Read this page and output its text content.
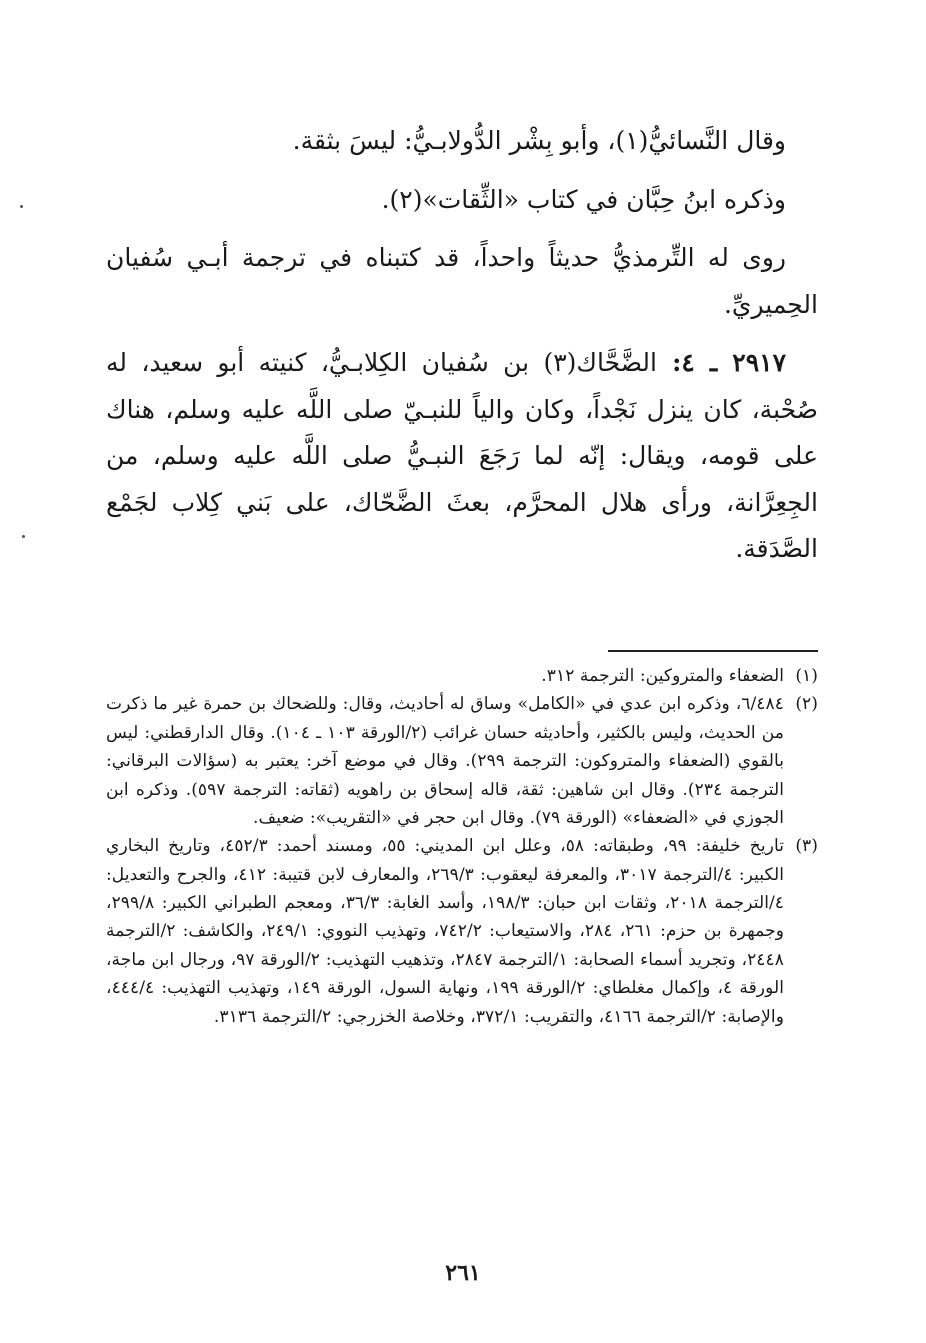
وقال النَّسائيُّ(١)، وأبو بِشْر الدُّولابـيُّ: ليسَ بثقة.

وذكره ابنُ حِبَّان في كتاب «الثِّقات»(٢).

روى له التِّرمذيُّ حديثاً واحداً، قد كتبناه في ترجمة أبـي سُفيان الحِميريِّ.

٢٩١٧ ـ ٤: الضَّحَّاك(٣) بن سُفيان الكِلابـيُّ، كنيته أبو سعيد، له صُحْبة، كان ينزل نَجْداً، وكان والياً للنبـيّ صلى اللَّه عليه وسلم، هناك على قومه، ويقال: إنّه لما رَجَعَ النبـيُّ صلى اللَّه عليه وسلم، من الجِعِرَّانة، ورأى هلال المحرَّم، بعثَ الضَّحّاك، على بَني كِلاب لجَمْع الصَّدَقة.

(١)
الضعفاء والمتروكين: الترجمة ٣١٢.
(٢)
٦/٤٨٤، وذكره ابن عدي في «الكامل» وساق له أحاديث، وقال: وللضحاك بن حمرة غير ما ذكرت من الحديث، وليس بالكثير، وأحاديثه حسان غرائب (٢/الورقة ١٠٣ ـ ١٠٤). وقال الدارقطني: ليس بالقوي (الضعفاء والمتروكون: الترجمة ٢٩٩). وقال في موضع آخر: يعتبر به (سؤالات البرقاني: الترجمة ٢٣٤). وقال ابن شاهين: ثقة، قاله إسحاق بن راهويه (ثقاته: الترجمة ٥٩٧). وذكره ابن الجوزي في «الضعفاء» (الورقة ٧٩). وقال ابن حجر في «التقريب»: ضعيف.
(٣)
تاريخ خليفة: ٩٩، وطبقاته: ٥٨، وعلل ابن المديني: ٥٥، ومسند أحمد: ٤٥٢/٣، وتاريخ البخاري الكبير: ٤/الترجمة ٣٠١٧، والمعرفة ليعقوب: ٢٦٩/٣، والمعارف لابن قتيبة: ٤١٢، والجرح والتعديل: ٤/الترجمة ٢٠١٨، وثقات ابن حبان: ١٩٨/٣، وأسد الغابة: ٣٦/٣، ومعجم الطبراني الكبير: ٢٩٩/٨، وجمهرة بن حزم: ٢٦١، ٢٨٤، والاستيعاب: ٧٤٢/٢، وتهذيب النووي: ٢٤٩/١، والكاشف: ٢/الترجمة ٢٤٤٨، وتجريد أسماء الصحابة: ١/الترجمة ٢٨٤٧، وتذهيب التهذيب: ٢/الورقة ٩٧، ورجال ابن ماجة، الورقة ٤، وإكمال مغلطاي: ٢/الورقة ١٩٩، ونهاية السول، الورقة ١٤٩، وتهذيب التهذيب: ٤٤٤/٤، والإصابة: ٢/الترجمة ٤١٦٦، والتقريب: ٣٧٢/١، وخلاصة الخزرجي: ٢/الترجمة ٣١٣٦.
٢٦١
